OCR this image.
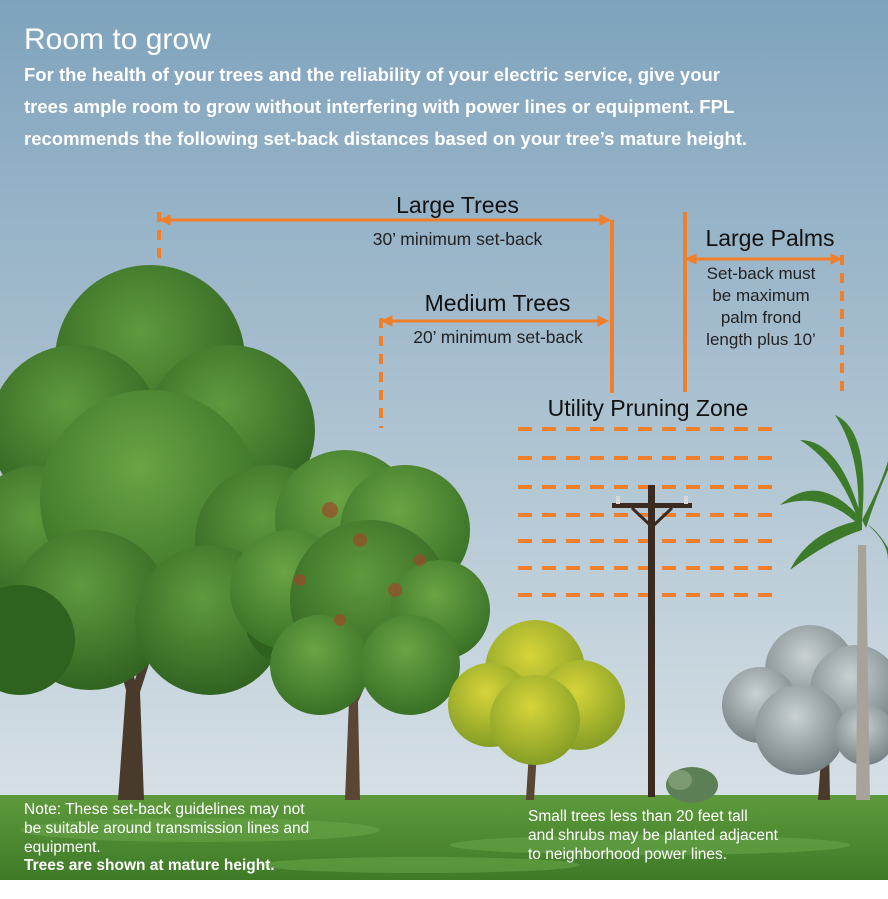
Room to grow

For the health of your trees and the reliability of your electric service, give your

trees ample room to grow without interfering with power lines or equipment. FPL

recommends the following set-back distances based on your tree’s mature height.

Large Trees
30’ minimum set-back
Medium Trees
20’ minimum set-back
Large Palms
Set-back must
be maximum
palm frond
length plus 10’
Utility Pruning Zone
Note: These set-back guidelines may not
be suitable around transmission lines and
equipment.
Trees are shown at mature height.
Small trees less than 20 feet tall
and shrubs may be planted adjacent
to neighborhood power lines.
